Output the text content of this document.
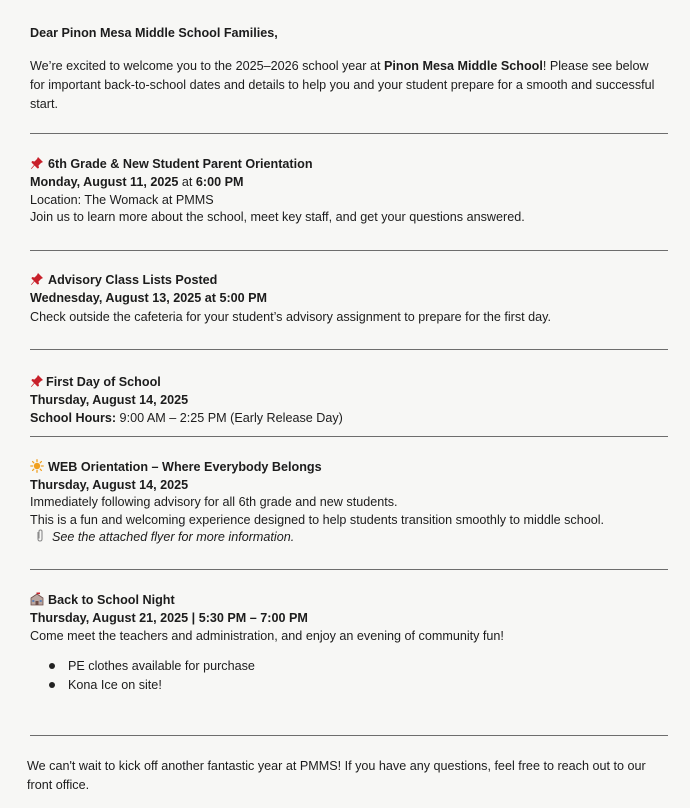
Dear Pinon Mesa Middle School Families,
We’re excited to welcome you to the 2025–2026 school year at Pinon Mesa Middle School! Please see below for important back-to-school dates and details to help you and your student prepare for a smooth and successful start.
6th Grade & New Student Parent Orientation
Monday, August 11, 2025 at 6:00 PM
Location: The Womack at PMMS
Join us to learn more about the school, meet key staff, and get your questions answered.
Advisory Class Lists Posted
Wednesday, August 13, 2025 at 5:00 PM
Check outside the cafeteria for your student’s advisory assignment to prepare for the first day.
First Day of School
Thursday, August 14, 2025
School Hours: 9:00 AM – 2:25 PM (Early Release Day)
WEB Orientation – Where Everybody Belongs
Thursday, August 14, 2025
Immediately following advisory for all 6th grade and new students.
This is a fun and welcoming experience designed to help students transition smoothly to middle school.
See the attached flyer for more information.
Back to School Night
Thursday, August 21, 2025 | 5:30 PM – 7:00 PM
Come meet the teachers and administration, and enjoy an evening of community fun!
PE clothes available for purchase
Kona Ice on site!
We can't wait to kick off another fantastic year at PMMS! If you have any questions, feel free to reach out to our front office.
